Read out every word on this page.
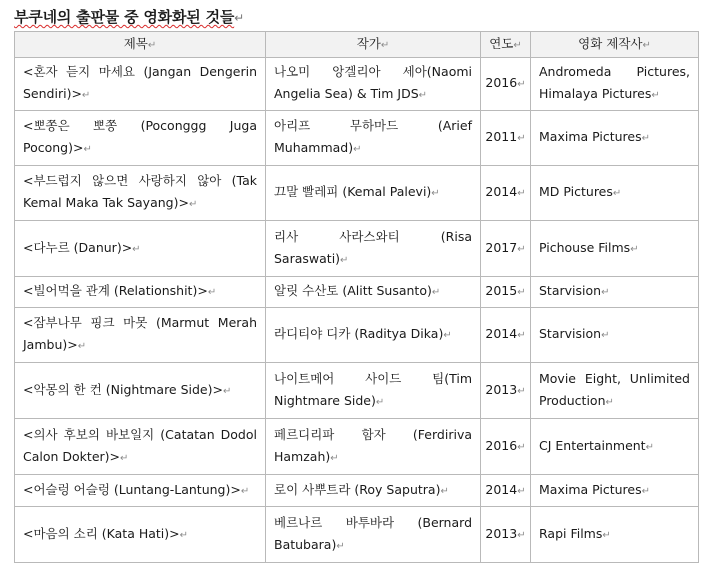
부쿠네의 출판물 중 영화화된 것들↵
제목↵	작가↵	연도↵	영화 제작사↵
<혼자 듣지 마세요 (Jangan Dengerin Sendiri)>↵	나오미 앙겔리아 세아(Naomi Angelia Sea) & Tim JDS↵	2016↵	Andromeda Pictures, Himalaya Pictures↵
<뽀쫑은 뽀쫑 (Poconggg Juga Pocong)>↵	아리프 무하마드 (Arief Muhammad)↵	2011↵	Maxima Pictures↵
<부드럽지 않으면 사랑하지 않아 (Tak Kemal Maka Tak Sayang)>↵	끄말 빨레피 (Kemal Palevi)↵	2014↵	MD Pictures↵
<다누르 (Danur)>↵	리사 사라스와티 (Risa Saraswati)↵	2017↵	Pichouse Films↵
<빌어먹을 관계 (Relationshit)>↵	알릿 수산토 (Alitt Susanto)↵	2015↵	Starvision↵
<잠부나무 핑크 마못 (Marmut Merah Jambu)>↵	라디티야 디카 (Raditya Dika)↵	2014↵	Starvision↵
<악몽의 한 컨 (Nightmare Side)>↵	나이트메어 사이드 팀(Tim Nightmare Side)↵	2013↵	Movie Eight, Unlimited Production↵
<의사 후보의 바보일지 (Catatan Dodol Calon Dokter)>↵	페르디리파 함자 (Ferdiriva Hamzah)↵	2016↵	CJ Entertainment↵
<어슬렁 어슬렁 (Luntang-Lantung)>↵	로이 사뿌트라 (Roy Saputra)↵	2014↵	Maxima Pictures↵
<마음의 소리 (Kata Hati)>↵	베르나르 바투바라 (Bernard Batubara)↵	2013↵	Rapi Films↵
